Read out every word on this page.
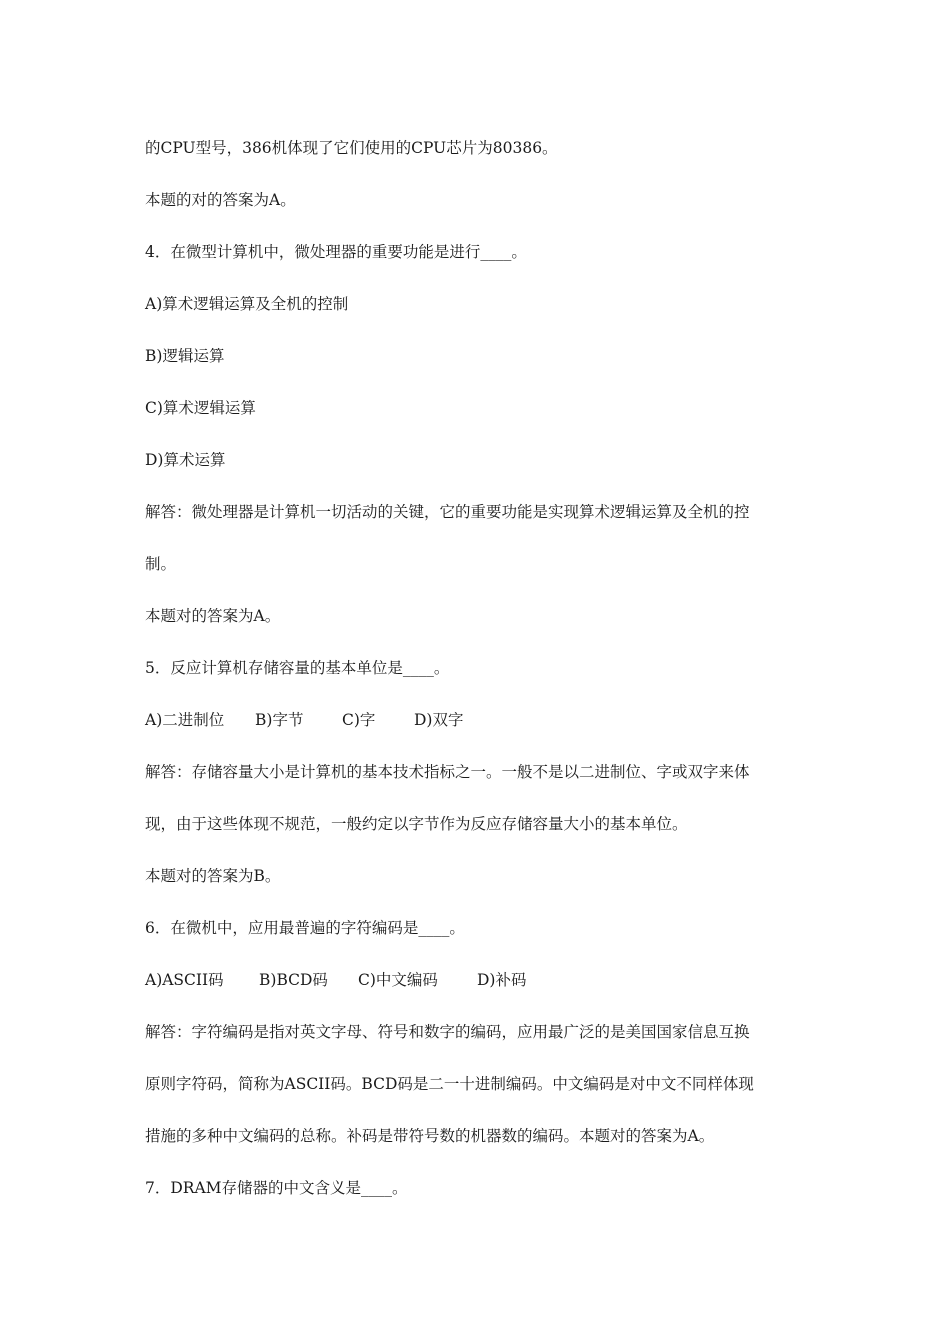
的CPU型号，386机体现了它们使用的CPU芯片为80386。
本题的对的答案为A。
4．在微型计算机中，微处理器的重要功能是进行____。
A)算术逻辑运算及全机的控制
B)逻辑运算
C)算术逻辑运算
D)算术运算
解答：微处理器是计算机一切活动的关键，它的重要功能是实现算术逻辑运算及全机的控
制。
本题对的答案为A。
5．反应计算机存储容量的基本单位是____。
A)二进制位 B)字节 C)字 D)双字
解答：存储容量大小是计算机的基本技术指标之一。一般不是以二进制位、字或双字来体
现，由于这些体现不规范，一般约定以字节作为反应存储容量大小的基本单位。
本题对的答案为B。
6．在微机中，应用最普遍的字符编码是____。
A)ASCII码 B)BCD码 C)中文编码	D)补码
解答：字符编码是指对英文字母、符号和数字的编码，应用最广泛的是美国国家信息互换
原则字符码，简称为ASCII码。BCD码是二一十进制编码。中文编码是对中文不同样体现
措施的多种中文编码的总称。补码是带符号数的机器数的编码。本题对的答案为A。
7．DRAM存储器的中文含义是____。
